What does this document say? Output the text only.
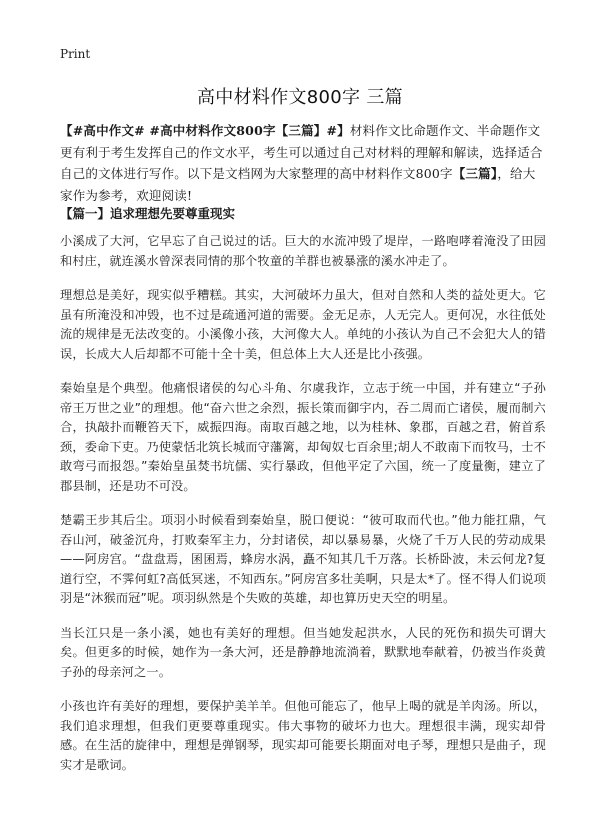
Print
高中材料作文800字 三篇

【#高中作文# #高中材料作文800字【三篇】#】材料作文比命题作文、半命题作文更有利于考生发挥自己的作文水平，考生可以通过自己对材料的理解和解读，选择适合自己的文体进行写作。以下是文档网为大家整理的高中材料作文800字【三篇】，给大家作为参考，欢迎阅读!

【篇一】追求理想先要尊重现实

小溪成了大河，它早忘了自己说过的话。巨大的水流冲毁了堤岸，一路咆哮着淹没了田园和村庄，就连溪水曾深表同情的那个牧童的羊群也被暴涨的溪水冲走了。

理想总是美好，现实似乎糟糕。其实，大河破坏力虽大，但对自然和人类的益处更大。它虽有所淹没和冲毁，也不过是疏通河道的需要。金无足赤，人无完人。更何况，水往低处流的规律是无法改变的。小溪像小孩，大河像大人。单纯的小孩认为自己不会犯大人的错误，长成大人后却都不可能十全十美，但总体上大人还是比小孩强。

秦始皇是个典型。他痛恨诸侯的勾心斗角、尔虞我诈，立志于统一中国，并有建立“子孙帝王万世之业”的理想。他“奋六世之余烈，振长策而御宇内，吞二周而亡诸侯，履而制六合，执敲扑而鞭笞天下，威振四海。南取百越之地，以为桂林、象郡，百越之君，俯首系颈，委命下吏。乃使蒙恬北筑长城而守藩篱，却匈奴七百余里;胡人不敢南下而牧马，士不敢弯弓而报怨。”秦始皇虽焚书坑儒、实行暴政，但他平定了六国，统一了度量衡，建立了郡县制，还是功不可没。

楚霸王步其后尘。项羽小时候看到秦始皇，脱口便说：“彼可取而代也。”他力能扛鼎，气吞山河，破釜沉舟，打败秦军主力，分封诸侯，却以暴易暴，火烧了千万人民的劳动成果——阿房宫。“盘盘焉，囷囷焉，蜂房水涡，矗不知其几千万落。长桥卧波，未云何龙?复道行空，不霁何虹?高低冥迷，不知西东。”阿房宫多壮美啊，只是太*了。怪不得人们说项羽是“沐猴而冠”呢。项羽纵然是个失败的英雄，却也算历史天空的明星。

当长江只是一条小溪，她也有美好的理想。但当她发起洪水，人民的死伤和损失可谓大矣。但更多的时候，她作为一条大河，还是静静地流淌着，默默地奉献着，仍被当作炎黄子孙的母亲河之一。

小孩也许有美好的理想，要保护美羊羊。但他可能忘了，他早上喝的就是羊肉汤。所以，我们追求理想，但我们更要尊重现实。伟大事物的破坏力也大。理想很丰满，现实却骨感。在生活的旋律中，理想是弹钢琴，现实却可能要长期面对电子琴，理想只是曲子，现实才是歌词。
